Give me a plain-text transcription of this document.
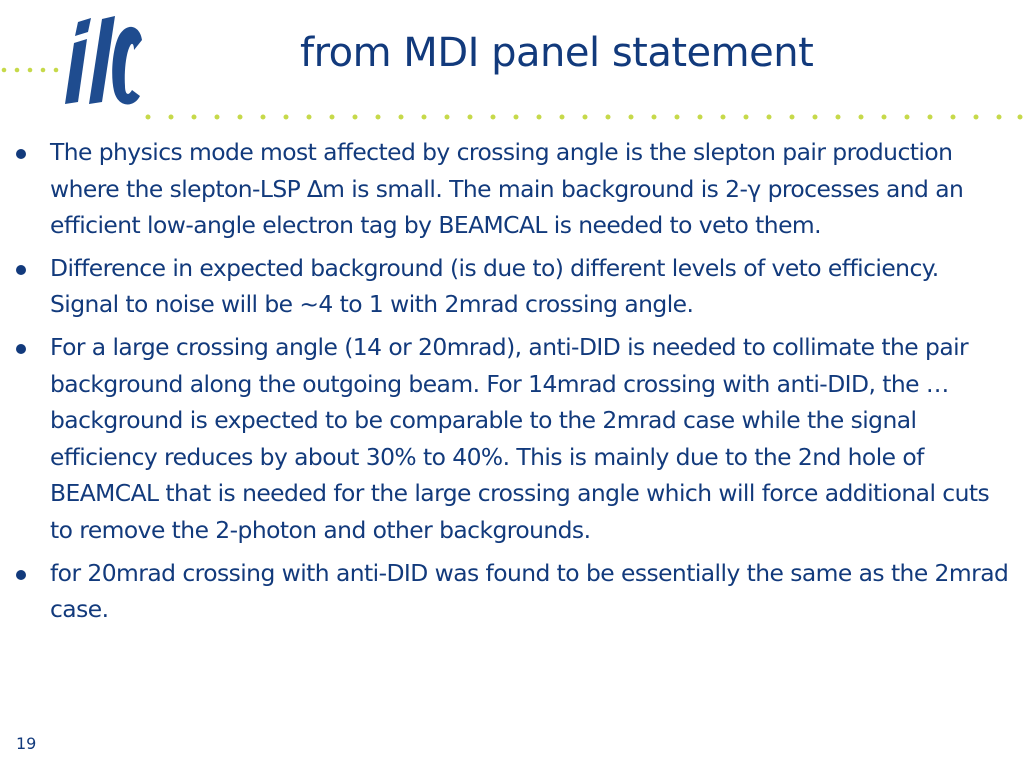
from MDI panel statement
The physics mode most affected by crossing angle is the slepton pair production where the slepton-LSP ∆m is small. The main background is 2-γ processes and an efficient low-angle electron tag by BEAMCAL is needed to veto them.
Difference in expected background (is due to) different levels of veto efficiency. Signal to noise will be ~4 to 1 with 2mrad crossing angle.
For a large crossing angle (14 or 20mrad), anti-DID is needed to collimate the pair background along the outgoing beam. For 14mrad crossing with anti-DID, the … background is expected to be comparable to the 2mrad case while the signal efficiency reduces by about 30% to 40%. This is mainly due to the 2nd hole of BEAMCAL that is needed for the large crossing angle which will force additional cuts to remove the 2-photon and other backgrounds.
for 20mrad crossing with anti-DID was found to be essentially the same as the 2mrad case.
19
